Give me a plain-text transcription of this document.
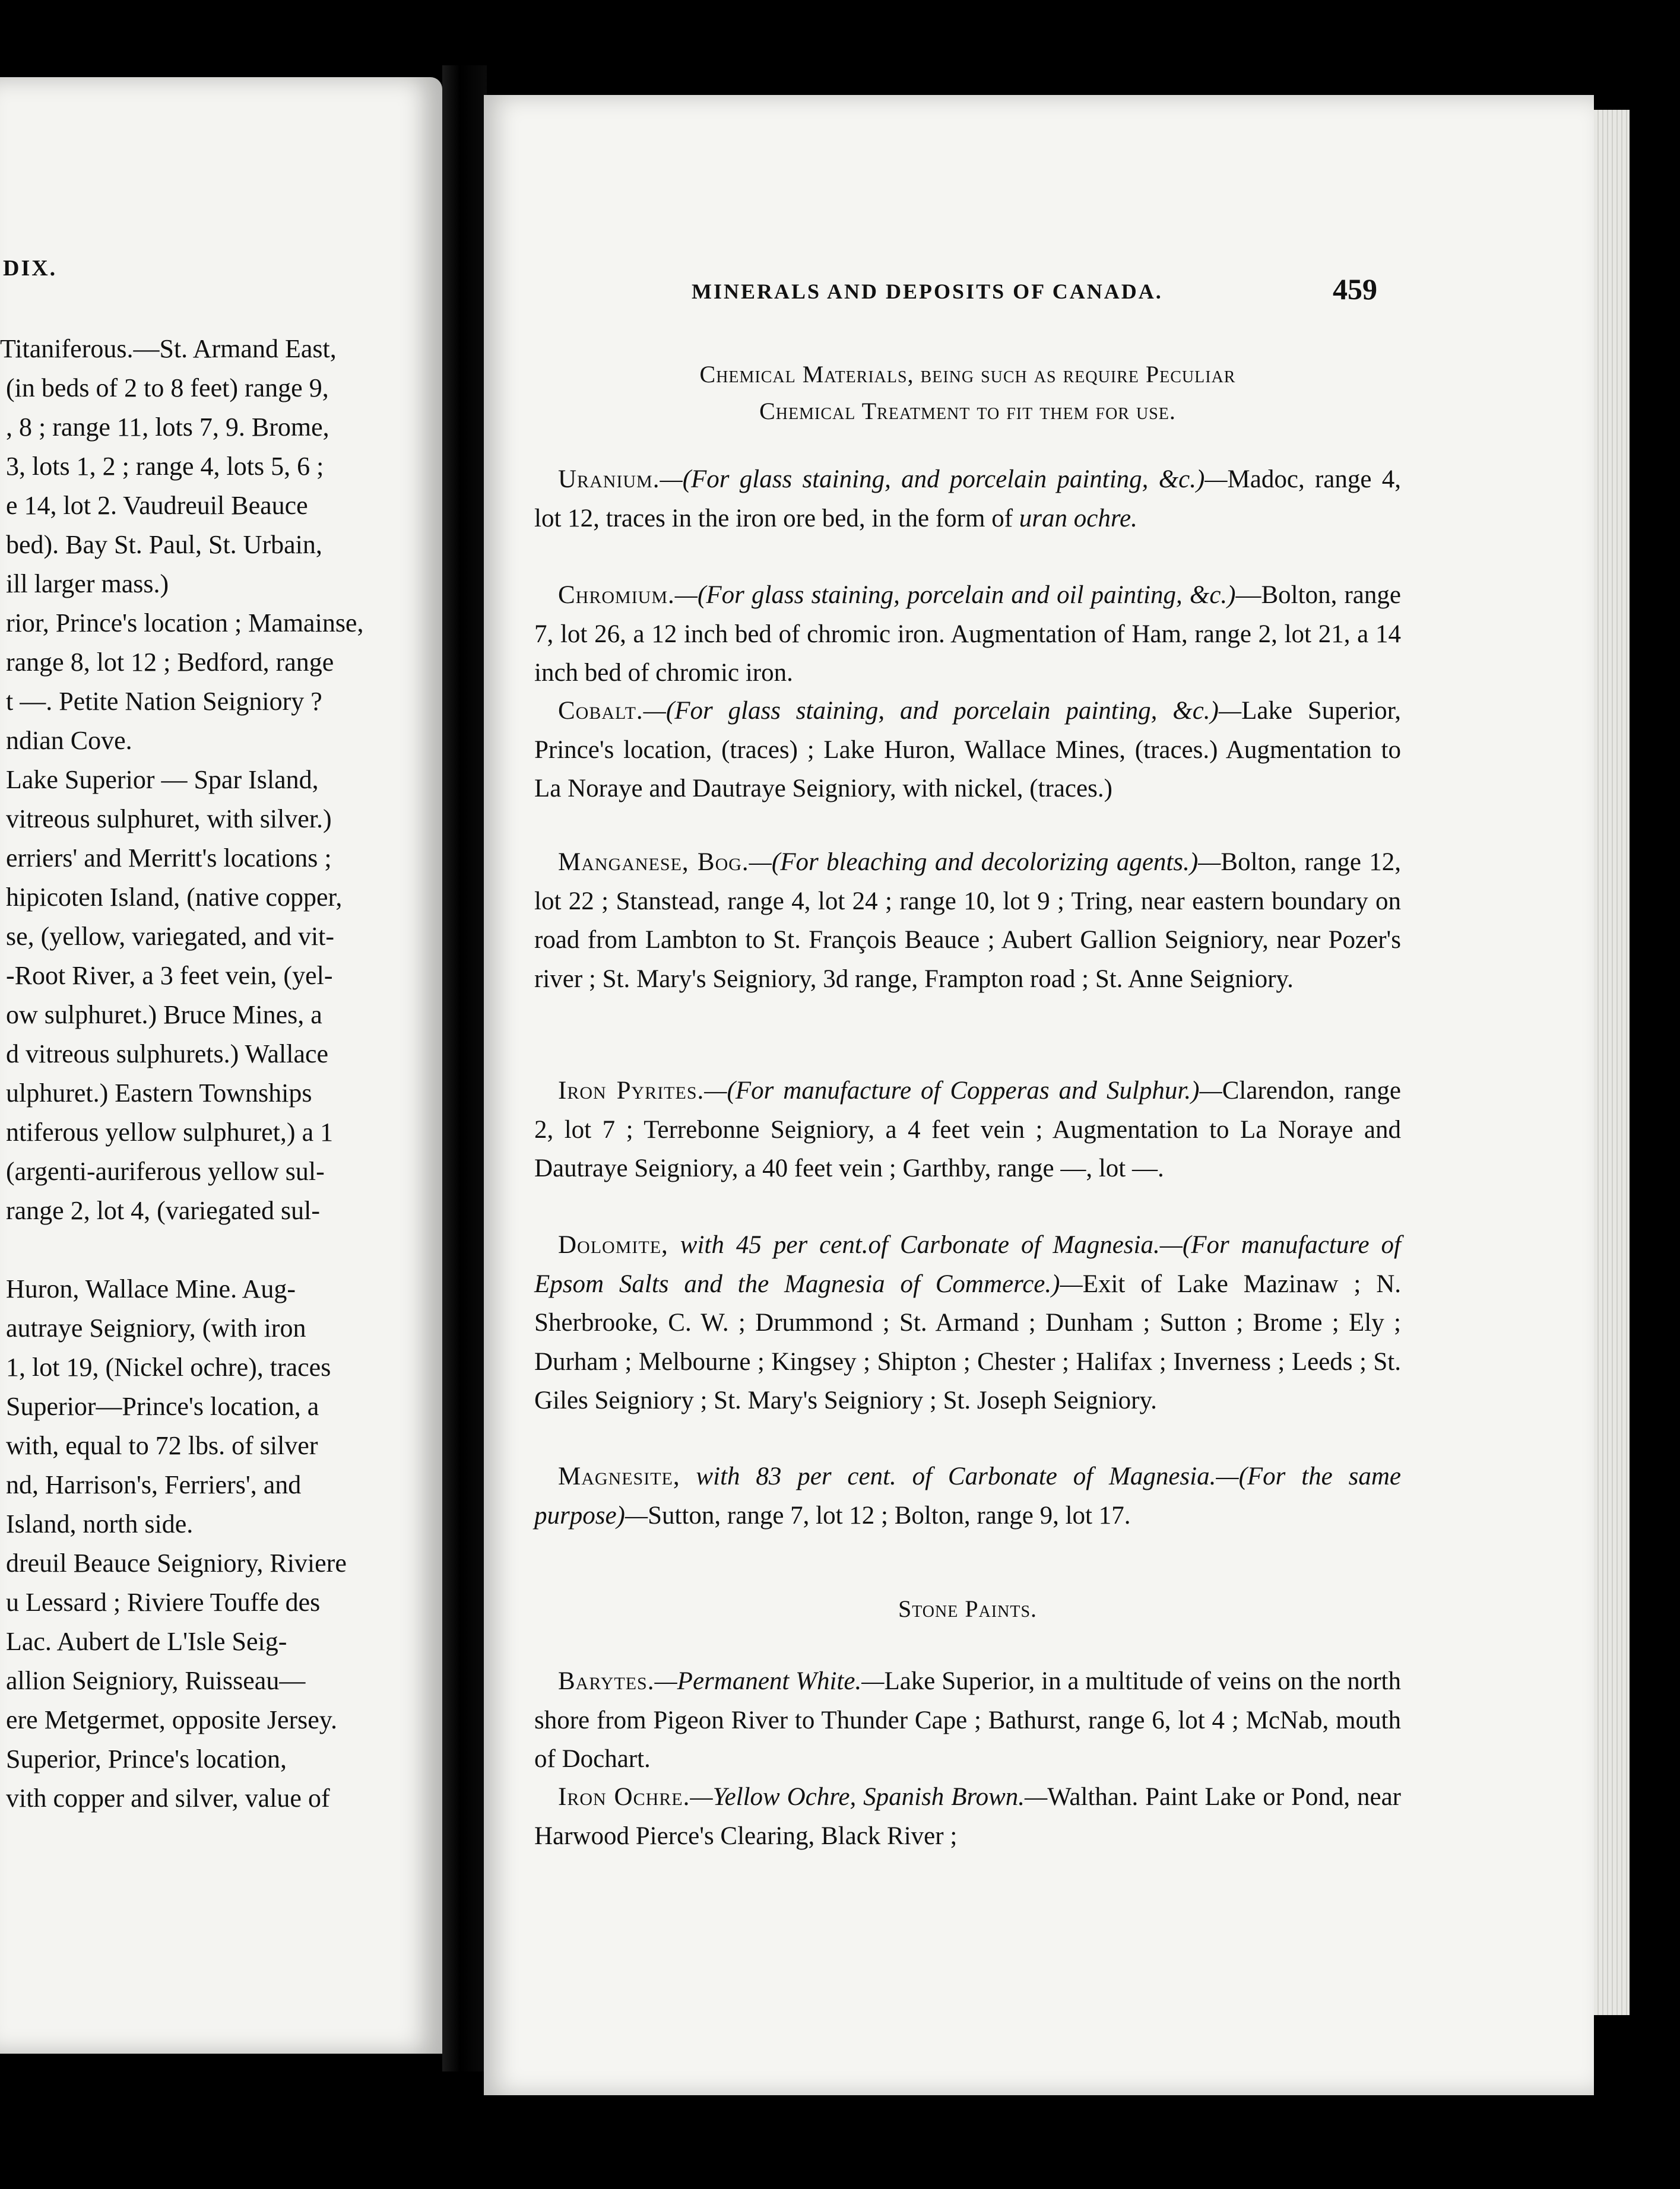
DIX.
Titaniferous.—St. Armand East,
(in beds of 2 to 8 feet) range 9,
, 8 ; range 11, lots 7, 9. Brome,
3, lots 1, 2 ; range 4, lots 5, 6 ;
e 14, lot 2. Vaudreuil Beauce
bed). Bay St. Paul, St. Urbain,
ill larger mass.)
rior, Prince's location ; Mamainse,
range 8, lot 12 ; Bedford, range
t —. Petite Nation Seigniory ?
ndian Cove.
Lake Superior — Spar Island,
vitreous sulphuret, with silver.)
erriers' and Merritt's locations ;
hipicoten Island, (native copper,
se, (yellow, variegated, and vit-
-Root River, a 3 feet vein, (yel-
ow sulphuret.) Bruce Mines, a
d vitreous sulphurets.) Wallace
ulphuret.) Eastern Townships
ntiferous yellow sulphuret,) a 1
(argenti-auriferous yellow sul-
range 2, lot 4, (variegated sul-
Huron, Wallace Mine. Aug-
autraye Seigniory, (with iron
1, lot 19, (Nickel ochre), traces
Superior—Prince's location, a
with, equal to 72 lbs. of silver
nd, Harrison's, Ferriers', and
Island, north side.
dreuil Beauce Seigniory, Riviere
u Lessard ; Riviere Touffe des
Lac. Aubert de L'Isle Seig-
allion Seigniory, Ruisseau—
ere Metgermet, opposite Jersey.
Superior, Prince's location,
vith copper and silver, value of
MINERALS AND DEPOSITS OF CANADA.	459
Chemical Materials, being such as require Peculiar
Chemical Treatment to fit them for use.
Uranium.—(For glass staining, and porcelain painting, &c.)—Madoc, range 4, lot 12, traces in the iron ore bed, in the form of uran ochre.
Chromium.—(For glass staining, porcelain and oil painting, &c.)—Bolton, range 7, lot 26, a 12 inch bed of chromic iron. Augmentation of Ham, range 2, lot 21, a 14 inch bed of chromic iron.
Cobalt.—(For glass staining, and porcelain painting, &c.)—Lake Superior, Prince's location, (traces) ; Lake Huron, Wallace Mines, (traces.) Augmentation to La Noraye and Dautraye Seigniory, with nickel, (traces.)
Manganese, Bog.—(For bleaching and decolorizing agents.)—Bolton, range 12, lot 22 ; Stanstead, range 4, lot 24 ; range 10, lot 9 ; Tring, near eastern boundary on road from Lambton to St. François Beauce ; Aubert Gallion Seigniory, near Pozer's river ; St. Mary's Seigniory, 3d range, Frampton road ; St. Anne Seigniory.
Iron Pyrites.—(For manufacture of Copperas and Sulphur.)—Clarendon, range 2, lot 7 ; Terrebonne Seigniory, a 4 feet vein ; Augmentation to La Noraye and Dautraye Seigniory, a 40 feet vein ; Garthby, range —, lot —.
Dolomite, with 45 per cent.of Carbonate of Magnesia.—(For manufacture of Epsom Salts and the Magnesia of Commerce.)—Exit of Lake Mazinaw ; N. Sherbrooke, C. W. ; Drummond ; St. Armand ; Dunham ; Sutton ; Brome ; Ely ; Durham ; Melbourne ; Kingsey ; Shipton ; Chester ; Halifax ; Inverness ; Leeds ; St. Giles Seigniory ; St. Mary's Seigniory ; St. Joseph Seigniory.
Magnesite, with 83 per cent. of Carbonate of Magnesia.—(For the same purpose)—Sutton, range 7, lot 12 ; Bolton, range 9, lot 17.
Stone Paints.
Barytes.—Permanent White.—Lake Superior, in a multitude of veins on the north shore from Pigeon River to Thunder Cape ; Bathurst, range 6, lot 4 ; McNab, mouth of Dochart.
Iron Ochre.—Yellow Ochre, Spanish Brown.—Walthan. Paint Lake or Pond, near Harwood Pierce's Clearing, Black River ;
